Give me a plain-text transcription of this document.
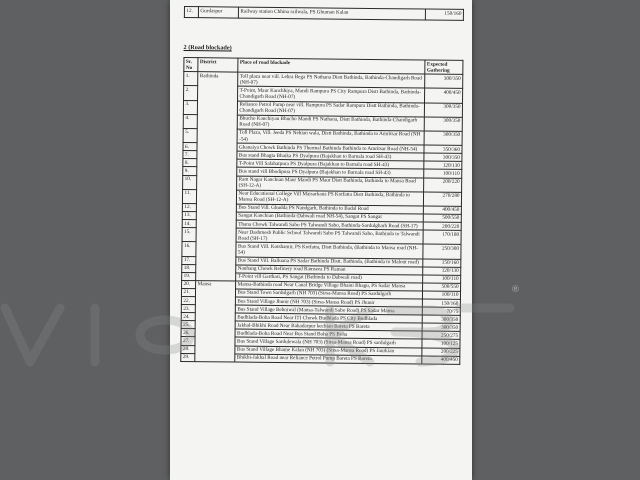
12.	Gurdaspur	Railway station Chhina railwala, PS Ghuman Kalan	150/160
2 (Road blockade)
Sr. No	District	Place of road blockade	Expected Gathering
1.	Bathinda	Toll plaza near vill. Lehra Bega PS Nathana Distt Bathinda, Bathinda-Chandigarh Road (NH-07)	300/350
2.		T-Point, Maur Kanchhiya, Mandi Rampura PS City Rampura Distt Bathinda, Bathinda-Chandigarh Road (NH-07)	400/450
3.		Reliance Petrol Pump near vill. Rampura PS Sadar Rampura Distt Bathinda, Bathinda-Chandigarh Road (NH-07)	300/350
4.		Bhucho Kanchiyan Bhucho Mandi PS Nathana, Distt Bathinda, Bathinda-Chandigarh Road (NH-07)	300/350
5.		Toll Plaza, Vill. Jeeda PS Nehian wala, Distt Bathinda, Bathinda to Amritsar Road (NH -54)	300/350
6.		Ghanaiya Chowk Bathinda PS Thermal Bathinda Bathinda to Amritsar Road (NH-54)	350/360
7.		Bus stand Bhagta Bhaika PS Dyalpura (Bajakhan to Barnala road SH-43)	300/350
8.		T-Point Vill Salabatpura PS Dyalpura (Bajakhan to Barnala road SH-43)	120/130
9.		Bus stand vill Bhodipura PS Dyalpura (Bajakhan to Barnala road SH-43)	100/110
10.		Ram Nagar Kanchian Maur Mandi PS Maur Distt Bathinda, Bathinda to Mansa Road (SH-12-A)	200/220
11.		Near Educational College Vill Maisarkana PS Kotfatta Distt Bathinda, Bathinda to Mansa Road (SH-12-A)	270/280
12.		Bus Stand Vill. Ghudda PS Nandgarh, Bathinda to Badal Road	400/450
13.		Sangat Kanchian (Bathinda-Dabwali road NH-54), Sangat PS Sangat	500/550
14.		Thana Chowk Talwandi Sabo PS Talwandi Sabo, Bathinda-Sardulgharh Road (SH-17)	200/220
15.		Near Dashmesh Public School Talwandi Sabo PS Talwandi Sabo, Bathinda to Talwandi Road (SH-17)	170/180
16.		Bus Stand Vill. Kotshamir, PS Kotfatta, Distt Bathinda, (Bathinda to Mansa road (NH-54)	250/300
17.		Bus Stand Vill. Balluana PS Sadar Bathinda Distt. Bathinda, (Bathinda to Malout road)	150/160
18.		Nauhang Chowk Refinery road Ramsora PS Raman	120/130
19.		T-Point vill Garthari, PS Sangat (Bathinda to Dabwali road)	100/110
20.	Mansa	Mansa-Bathinda road Near Canal Bridge Village Bhaini Bhagu, PS Sadar Mansa	500/550
21.		Bus Stand Town Sardulgarh (NH 703) (Sirsa-Mansa Road) PS Sardulgarh	100/110
22.		Bus Stand Village Jhunir (NH 703) (Sirsa-Mansa Road) PS Jhunir	150/160
23.		Bus Stand Village Behniwal (Mansa-Talwandi Sabo Road) PS Sadar Mansa	70/75
24.		Budhlada-Boha Road Near ITI Chowk Budhlada PS City Budhlada	300/350
25.		Jakhal-Bhikhi Road Near Bahadarpur kechian Bareta PS Bareta	300/350
26.		Budhlada-Boha Road Near Bus Stand Boha PS Boha	250/275
27.		Bus Stand Village Sardulewala (NH 703) (Sirsa-Mansa Road) PS sardulgarh	100/125
28.		Bus Stand Village Bhame Kalan (NH 703) (Sirsa-Mansa Road) PS Jaurkian	200/225
29.		Bhikhi-Jakhal Road near Reliance Petrol Pump Bareta PS Bareta	400/450
®
